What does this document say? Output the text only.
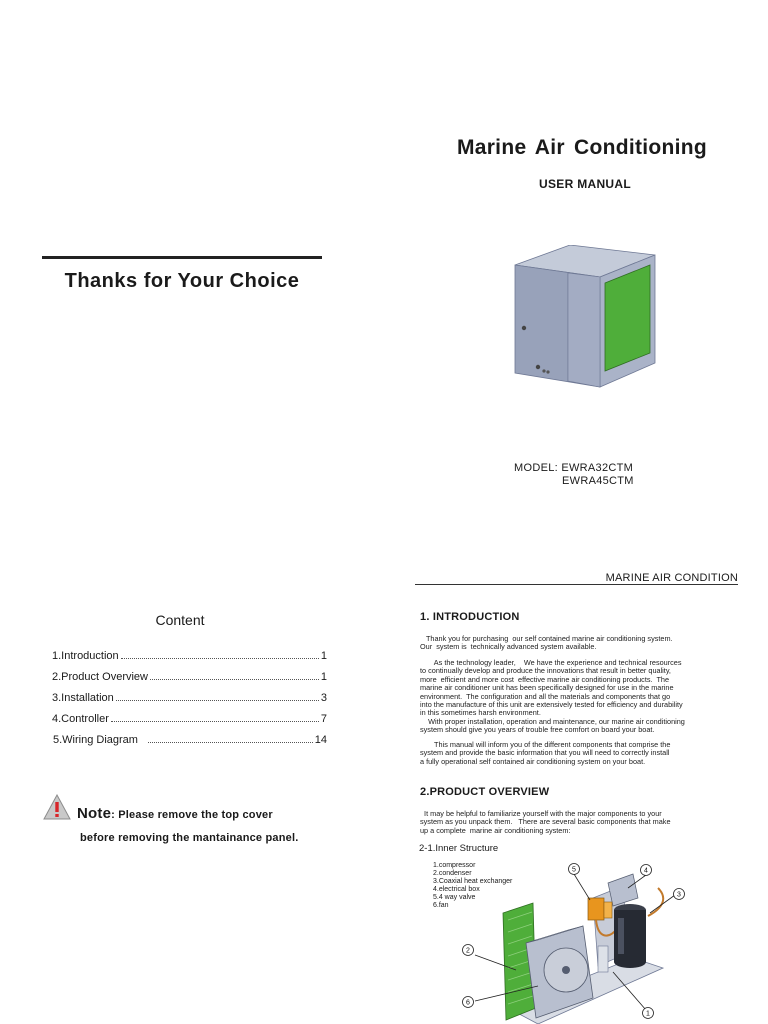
Marine Air Conditioning
USER MANUAL
Thanks for Your Choice
MODEL: EWRA32CTM
EWRA45CTM
MARINE AIR CONDITION
Content
1.Introduction	1
2.Product Overview	1
3.Installation	3
4.Controller	7
5.Wiring Diagram	14
Note: Please remove the top cover
before removing the mantainance panel.
1. INTRODUCTION
Thank you for purchasing  our self contained marine air conditioning system.
Our  system is  technically advanced system available.
As the technology leader,    We have the experience and technical resources
to continually develop and produce the innovations that result in better quality,
more  efficient and more cost  effective marine air conditioning products.  The
marine air conditioner unit has been specifically designed for use in the marine
environment.  The configuration and all the materials and components that go
into the manufacture of this unit are extensively tested for efficiency and durability
in this sometimes harsh environment.
With proper installation, operation and maintenance, our marine air conditioning
system should give you years of trouble free comfort on board your boat.
This manual will inform you of the different components that comprise the
system and provide the basic information that you will need to correctly install
a fully operational self contained air conditioning system on your boat.
2.PRODUCT OVERVIEW
It may be helpful to familiarize yourself with the major components to your
system as you unpack them.   There are several basic components that make
up a complete  marine air conditioning system:
2-1.Inner Structure
5	4
3
2
6
1
1.compressor
2.condenser
3.Coaxial heat exchanger
4.electrical box
5.4 way valve
6.fan
